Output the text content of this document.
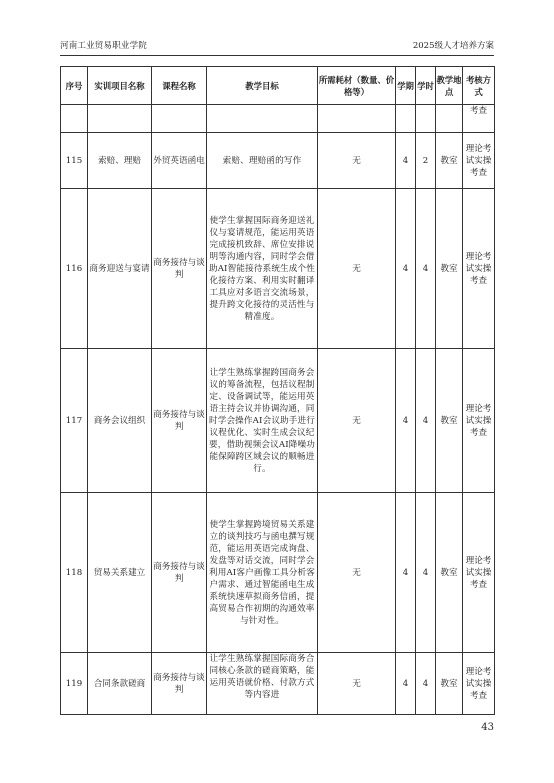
河南工业贸易职业学院	2025级人才培养方案
序号	实训项目名称	课程名称	教学目标	所需耗材（数量、价格等）	学期	学时	教学地点	考核方式
								考查
115	索赔、理赔	外贸英语函电	索赔、理赔函的写作	无	4	2	教室	理论考试实操考查
116	商务迎送与宴请	商务接待与谈判	使学生掌握国际商务迎送礼仪与宴请规范，能运用英语完成接机致辞、席位安排说明等沟通内容，同时学会借助AI智能接待系统生成个性化接待方案、利用实时翻译工具应对多语言交流场景，提升跨文化接待的灵活性与精准度。	无	4	4	教室	理论考试实操考查
117	商务会议组织	商务接待与谈判	让学生熟练掌握跨国商务会议的筹备流程，包括议程制定、设备调试等，能运用英语主持会议并协调沟通，同时学会操作AI会议助手进行议程优化、实时生成会议纪要，借助视频会议AI降噪功能保障跨区域会议的顺畅进行。	无	4	4	教室	理论考试实操考查
118	贸易关系建立	商务接待与谈判	使学生掌握跨境贸易关系建立的谈判技巧与函电撰写规范，能运用英语完成询盘、发盘等对话交流，同时学会利用AI客户画像工具分析客户需求、通过智能函电生成系统快速草拟商务信函，提高贸易合作初期的沟通效率与针对性。	无	4	4	教室	理论考试实操考查
119	合同条款磋商	商务接待与谈判	让学生熟练掌握国际商务合同核心条款的磋商策略，能运用英语就价格、付款方式等内容进	无	4	4	教室	理论考试实操考查
43
